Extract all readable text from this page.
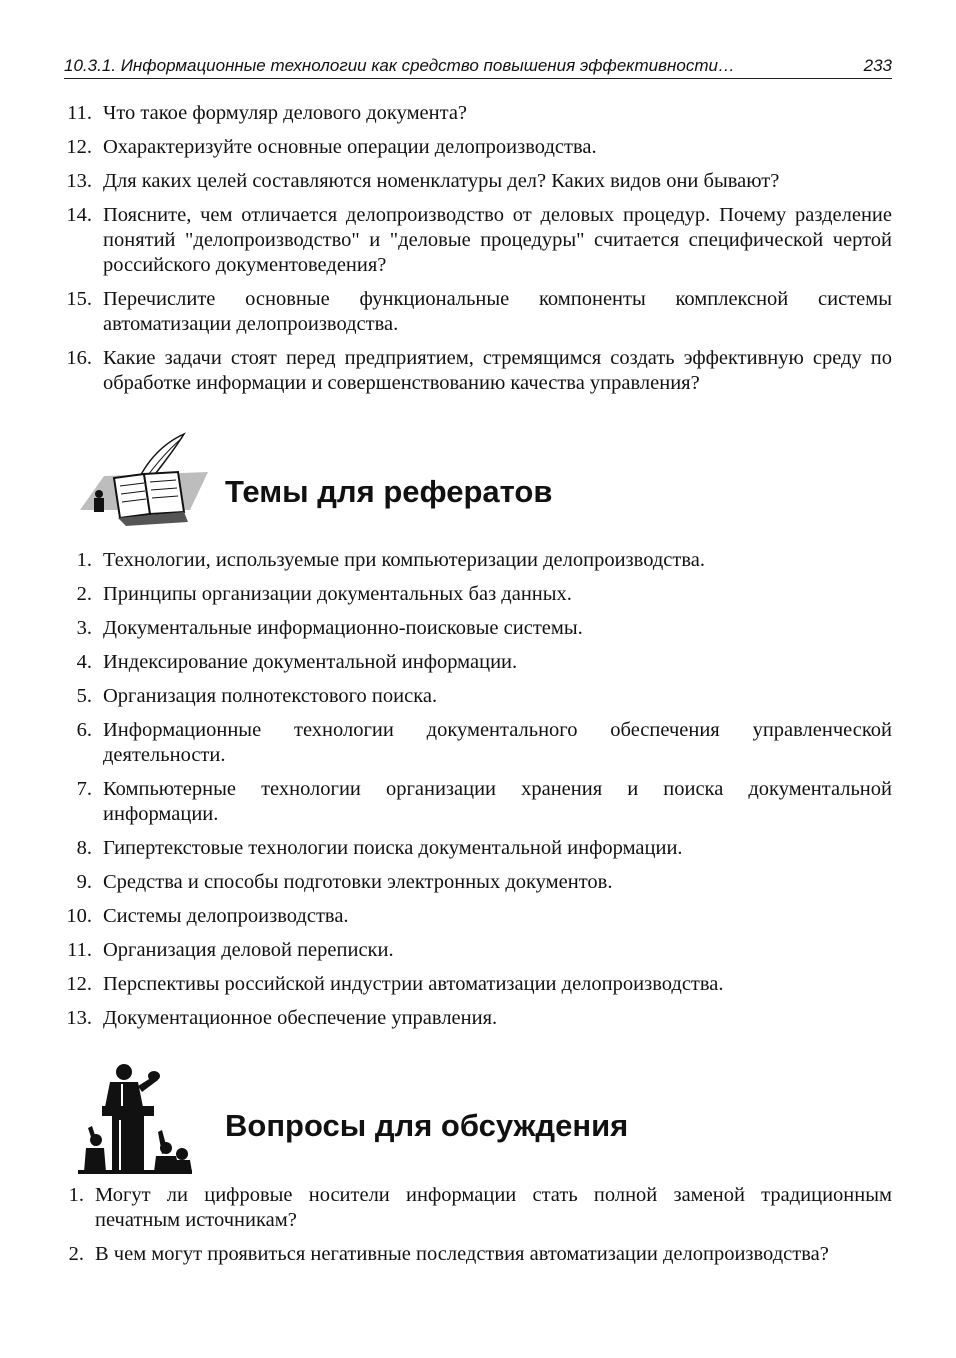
10.3.1. Информационные технологии как средство повышения эффективности…	233
11. Что такое формуляр делового документа?
12. Охарактеризуйте основные операции делопроизводства.
13. Для каких целей составляются номенклатуры дел? Каких видов они бывают?
14. Поясните, чем отличается делопроизводство от деловых процедур. Почему разделение понятий "делопроизводство" и "деловые процедуры" считается специфической чертой российского документоведения?
15. Перечислите основные функциональные компоненты комплексной системы автоматизации делопроизводства.
16. Какие задачи стоят перед предприятием, стремящимся создать эффективную среду по обработке информации и совершенствованию качества управления?
Темы для рефератов
1. Технологии, используемые при компьютеризации делопроизводства.
2. Принципы организации документальных баз данных.
3. Документальные информационно-поисковые системы.
4. Индексирование документальной информации.
5. Организация полнотекстового поиска.
6. Информационные технологии документального обеспечения управленческой деятельности.
7. Компьютерные технологии организации хранения и поиска документальной информации.
8. Гипертекстовые технологии поиска документальной информации.
9. Средства и способы подготовки электронных документов.
10. Системы делопроизводства.
11. Организация деловой переписки.
12. Перспективы российской индустрии автоматизации делопроизводства.
13. Документационное обеспечение управления.
Вопросы для обсуждения
1. Могут ли цифровые носители информации стать полной заменой традиционным печатным источникам?
2. В чем могут проявиться негативные последствия автоматизации делопроизводства?
